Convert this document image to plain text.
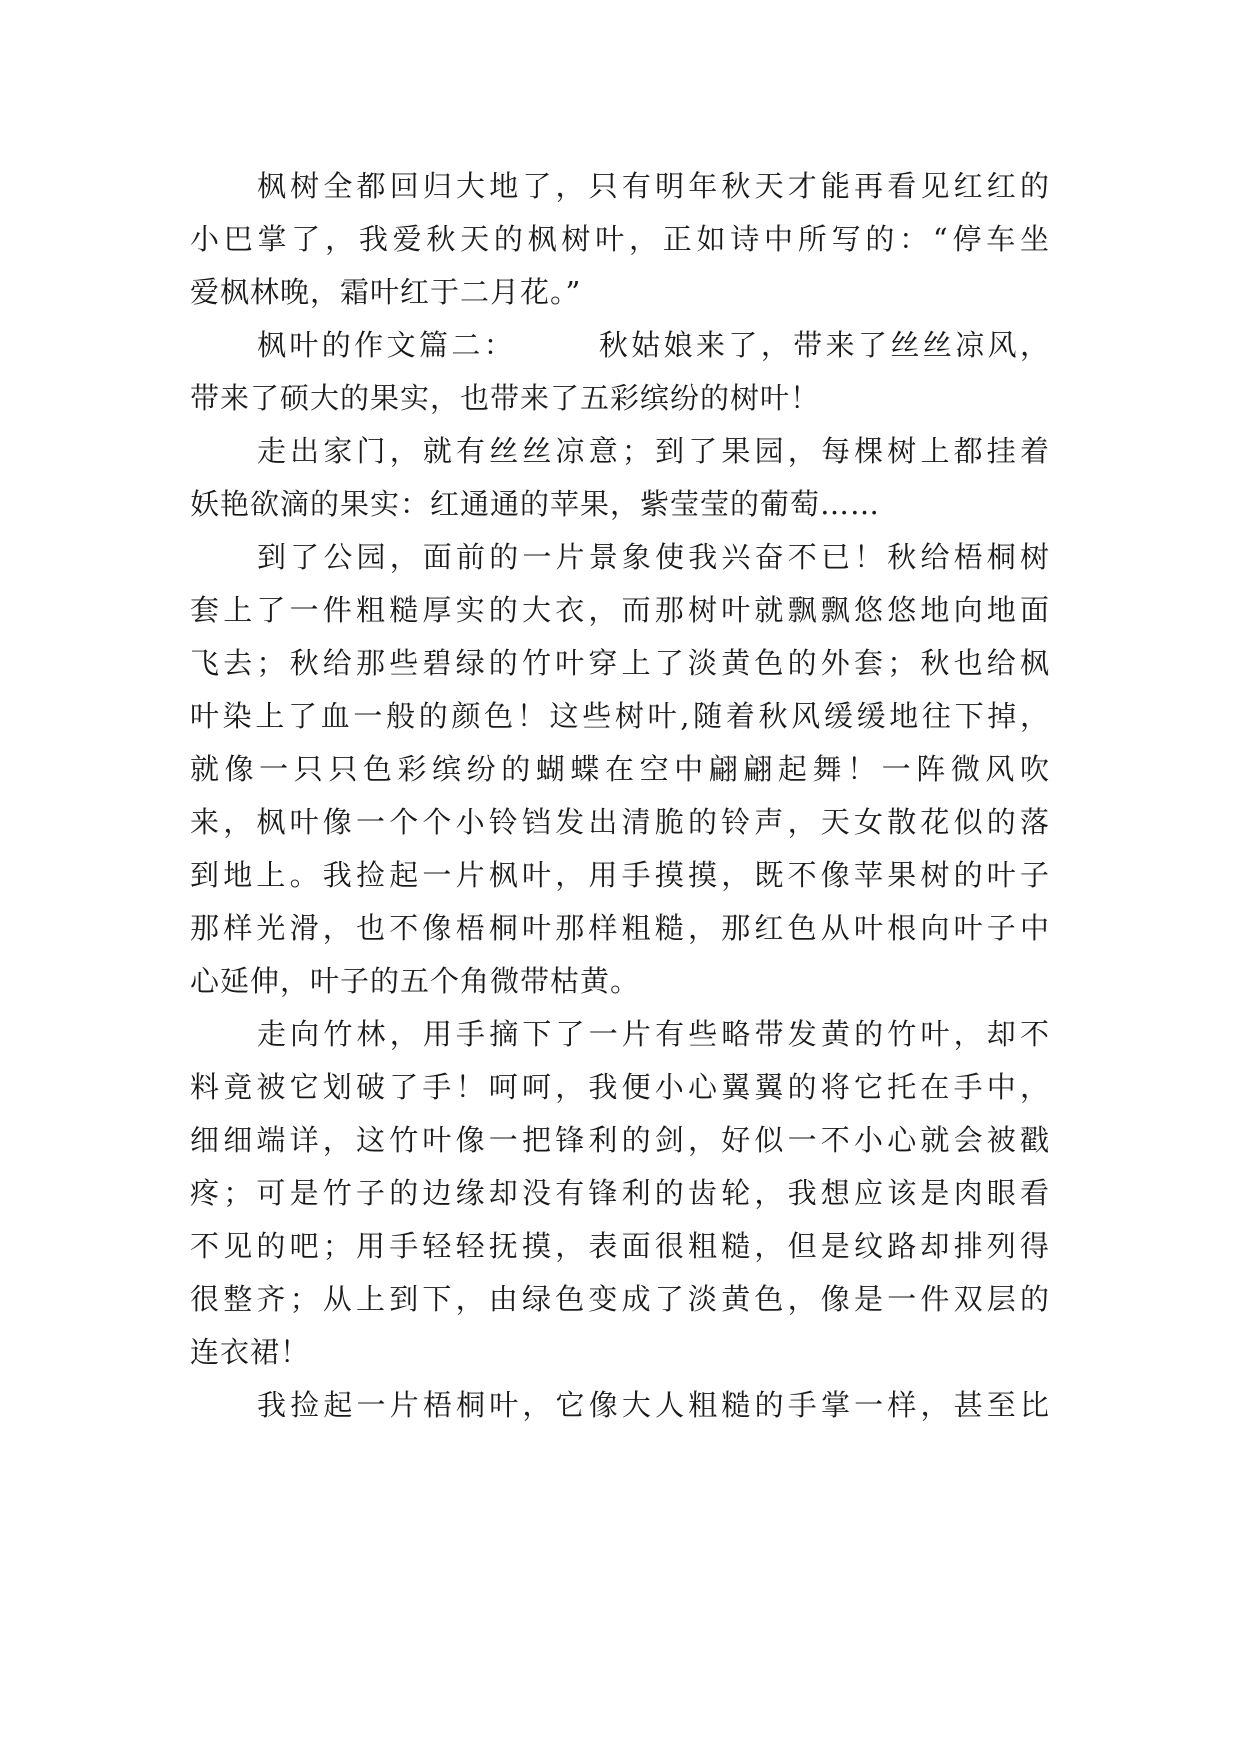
枫树全都回归大地了，只有明年秋天才能再看见红红的
小巴掌了，我爱秋天的枫树叶，正如诗中所写的：“停车坐
爱枫林晚，霜叶红于二月花。”
枫叶的作文篇二：　　　秋姑娘来了，带来了丝丝凉风，
带来了硕大的果实，也带来了五彩缤纷的树叶！
走出家门，就有丝丝凉意；到了果园，每棵树上都挂着
妖艳欲滴的果实：红通通的苹果，紫莹莹的葡萄……
到了公园，面前的一片景象使我兴奋不已！秋给梧桐树
套上了一件粗糙厚实的大衣，而那树叶就飘飘悠悠地向地面
飞去；秋给那些碧绿的竹叶穿上了淡黄色的外套；秋也给枫
叶染上了血一般的颜色！这些树叶,随着秋风缓缓地往下掉，
就像一只只色彩缤纷的蝴蝶在空中翩翩起舞！一阵微风吹
来，枫叶像一个个小铃铛发出清脆的铃声，天女散花似的落
到地上。我捡起一片枫叶，用手摸摸，既不像苹果树的叶子
那样光滑，也不像梧桐叶那样粗糙，那红色从叶根向叶子中
心延伸，叶子的五个角微带枯黄。
走向竹林，用手摘下了一片有些略带发黄的竹叶，却不
料竟被它划破了手！呵呵，我便小心翼翼的将它托在手中，
细细端详，这竹叶像一把锋利的剑，好似一不小心就会被戳
疼；可是竹子的边缘却没有锋利的齿轮，我想应该是肉眼看
不见的吧；用手轻轻抚摸，表面很粗糙，但是纹路却排列得
很整齐；从上到下，由绿色变成了淡黄色，像是一件双层的
连衣裙！
我捡起一片梧桐叶，它像大人粗糙的手掌一样，甚至比
